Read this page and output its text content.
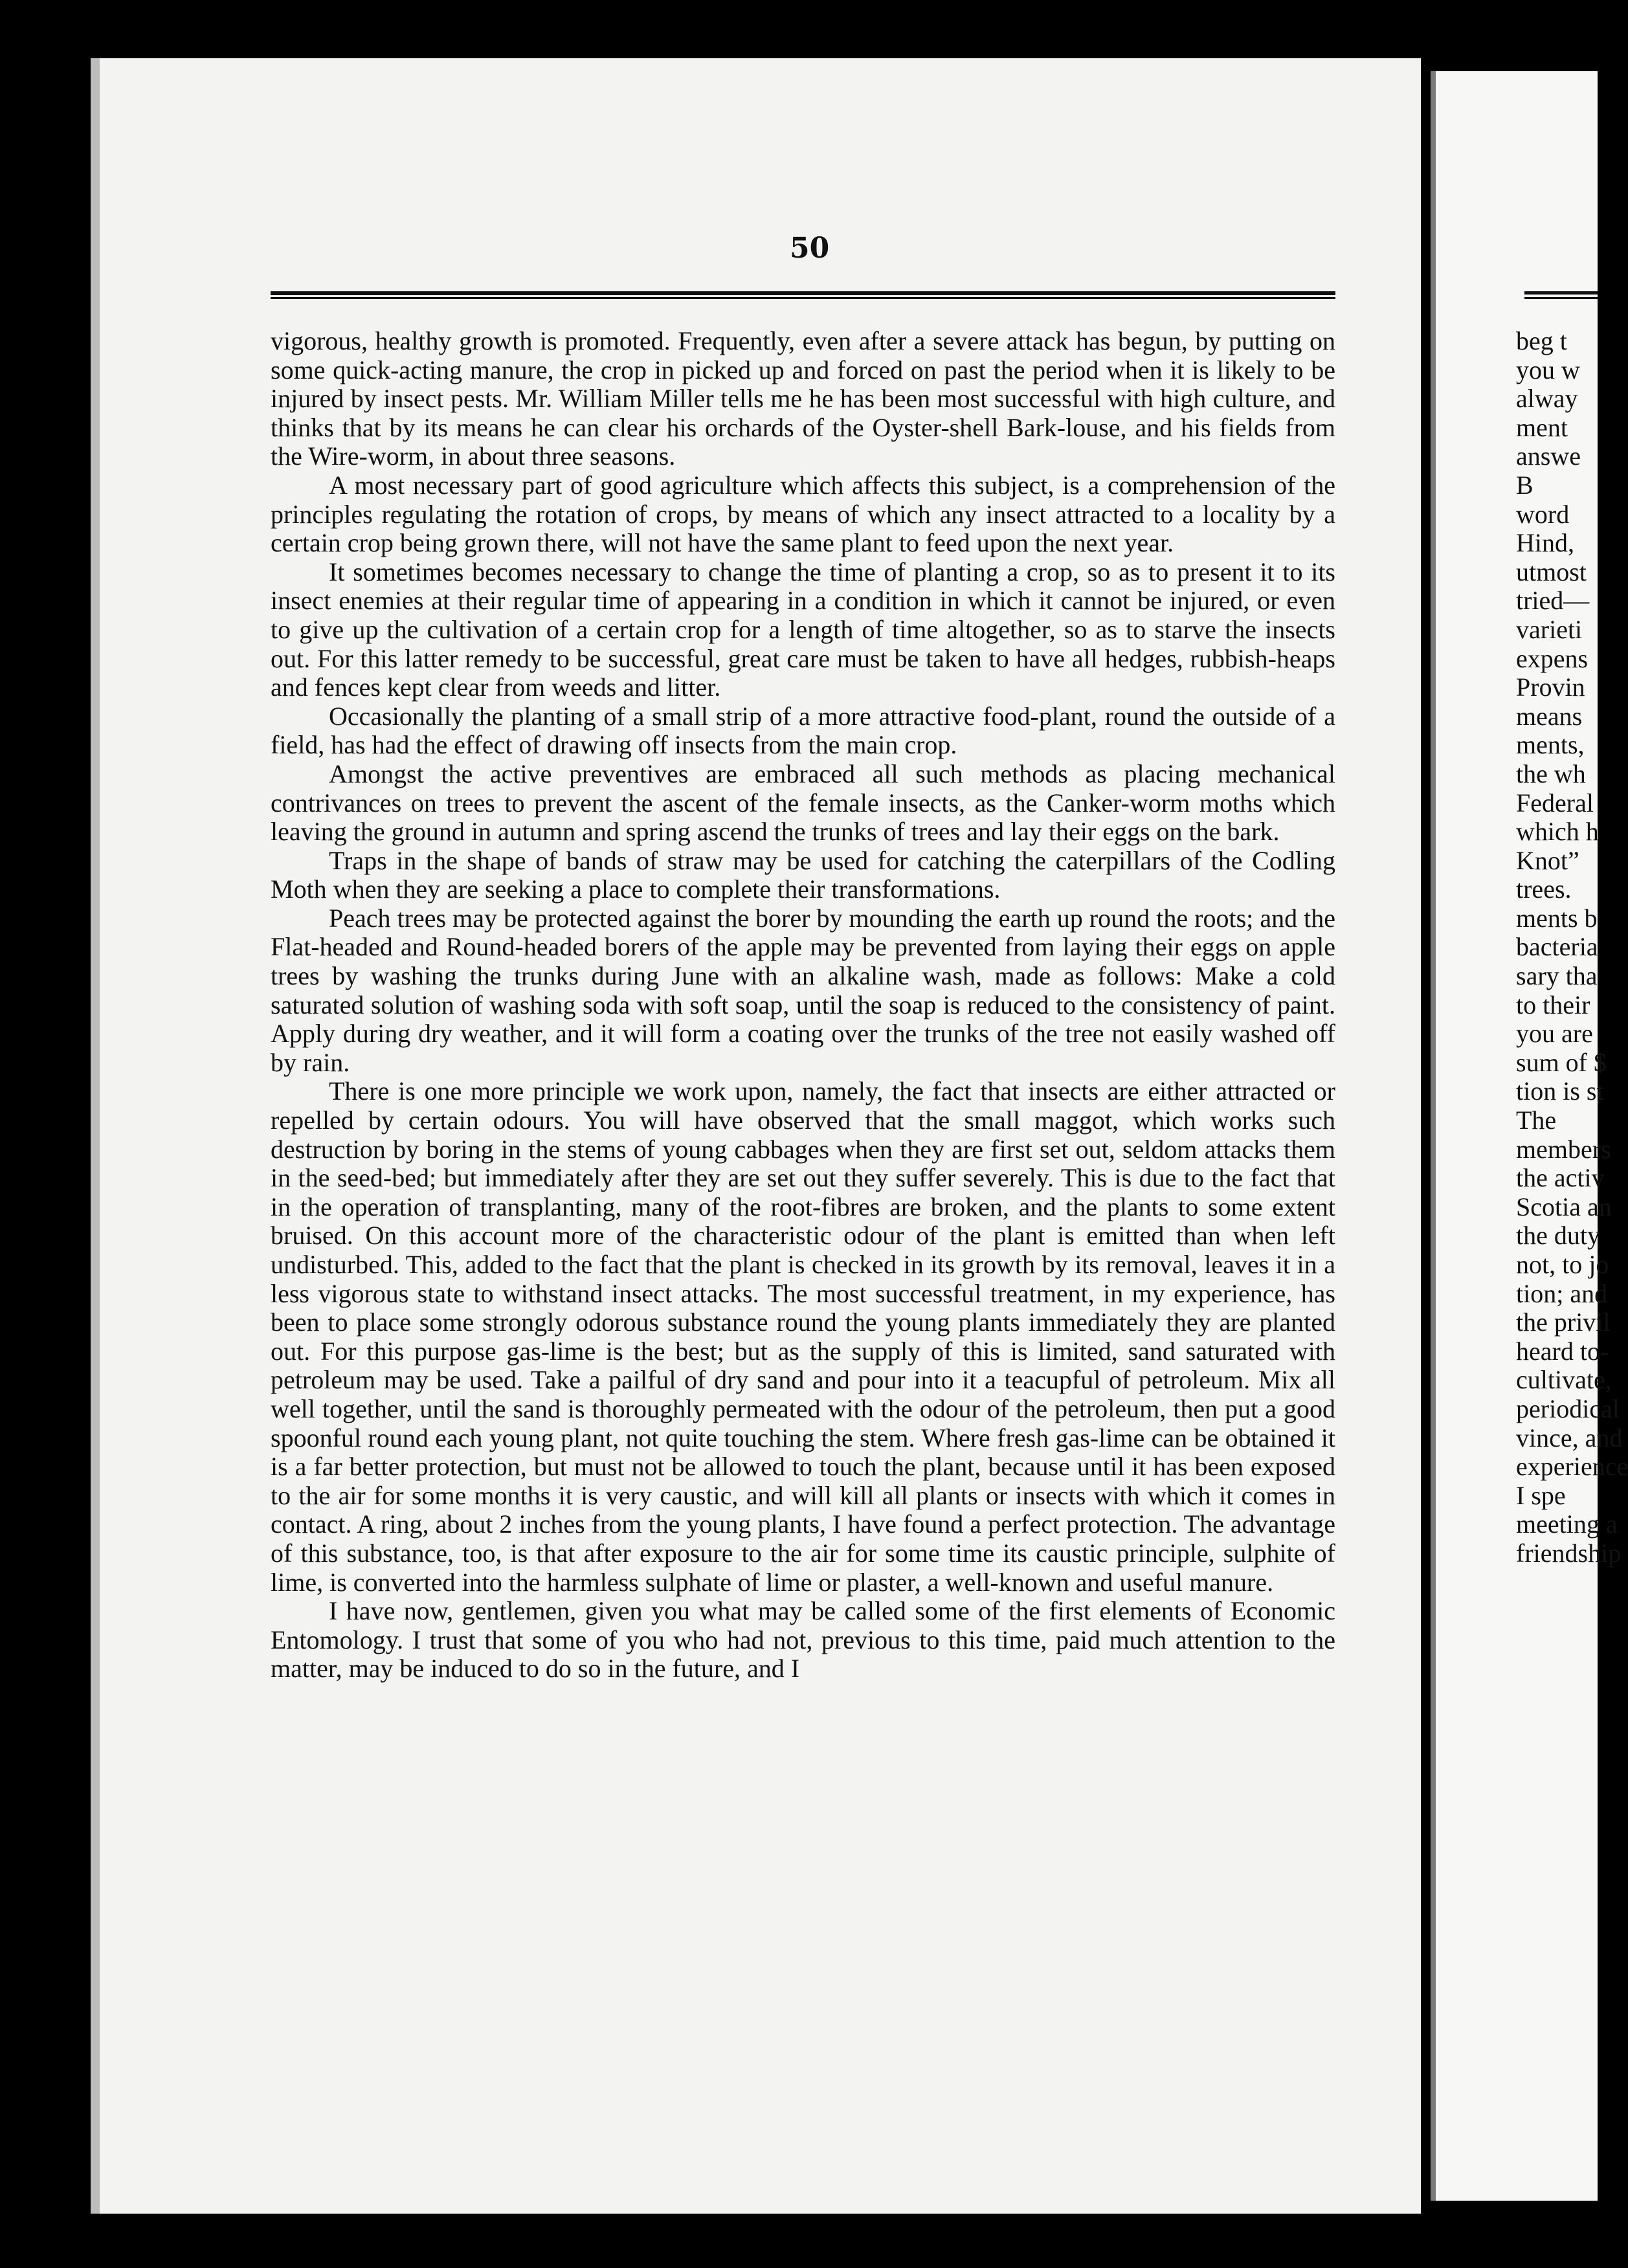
50

vigorous, healthy growth is promoted. Frequently, even after a severe attack has begun, by putting on some quick-acting manure, the crop in picked up and forced on past the period when it is likely to be injured by insect pests. Mr. William Miller tells me he has been most successful with high culture, and thinks that by its means he can clear his orchards of the Oyster-shell Bark-louse, and his fields from the Wire-worm, in about three seasons.

A most necessary part of good agriculture which affects this subject, is a comprehension of the principles regulating the rotation of crops, by means of which any insect attracted to a locality by a certain crop being grown there, will not have the same plant to feed upon the next year.

It sometimes becomes necessary to change the time of planting a crop, so as to present it to its insect enemies at their regular time of appearing in a condition in which it cannot be injured, or even to give up the cultivation of a certain crop for a length of time altogether, so as to starve the insects out. For this latter remedy to be successful, great care must be taken to have all hedges, rubbish-heaps and fences kept clear from weeds and litter.

Occasionally the planting of a small strip of a more attractive food-plant, round the outside of a field, has had the effect of drawing off insects from the main crop.

Amongst the active preventives are embraced all such methods as placing mechanical contrivances on trees to prevent the ascent of the female insects, as the Canker-worm moths which leaving the ground in autumn and spring ascend the trunks of trees and lay their eggs on the bark.

Traps in the shape of bands of straw may be used for catching the caterpillars of the Codling Moth when they are seeking a place to complete their transformations.

Peach trees may be protected against the borer by mounding the earth up round the roots; and the Flat-headed and Round-headed borers of the apple may be prevented from laying their eggs on apple trees by washing the trunks during June with an alkaline wash, made as follows: Make a cold saturated solution of washing soda with soft soap, until the soap is reduced to the consistency of paint. Apply during dry weather, and it will form a coating over the trunks of the tree not easily washed off by rain.

There is one more principle we work upon, namely, the fact that insects are either attracted or repelled by certain odours. You will have observed that the small maggot, which works such destruction by boring in the stems of young cabbages when they are first set out, seldom attacks them in the seed-bed; but immediately after they are set out they suffer severely. This is due to the fact that in the operation of transplanting, many of the root-fibres are broken, and the plants to some extent bruised. On this account more of the characteristic odour of the plant is emitted than when left undisturbed. This, added to the fact that the plant is checked in its growth by its removal, leaves it in a less vigorous state to withstand insect attacks. The most successful treatment, in my experience, has been to place some strongly odorous substance round the young plants immediately they are planted out. For this purpose gas-lime is the best; but as the supply of this is limited, sand saturated with petroleum may be used. Take a pailful of dry sand and pour into it a teacupful of petroleum. Mix all well together, until the sand is thoroughly permeated with the odour of the petroleum, then put a good spoonful round each young plant, not quite touching the stem. Where fresh gas-lime can be obtained it is a far better protection, but must not be allowed to touch the plant, because until it has been exposed to the air for some months it is very caustic, and will kill all plants or insects with which it comes in contact. A ring, about 2 inches from the young plants, I have found a perfect protection. The advantage of this substance, too, is that after exposure to the air for some time its caustic principle, sulphite of lime, is converted into the harmless sulphate of lime or plaster, a well-known and useful manure.

I have now, gentlemen, given you what may be called some of the first elements of Economic Entomology. I trust that some of you who had not, previous to this time, paid much attention to the matter, may be induced to do so in the future, and I

beg t
you w
alway
ment
answe
B
word
Hind,
utmost
tried—
varieti
expens
Provin
means
ments,
the wh
Federal
which h
Knot”
trees.
ments b
bacteria
sary tha
to their
you are
sum of $
tion is st
The
members
the activ
Scotia an
the duty
not, to jo
tion; and
the privil
heard to-
cultivate,
periodical
vince, and
experience
I spe
meeting a
friendship
